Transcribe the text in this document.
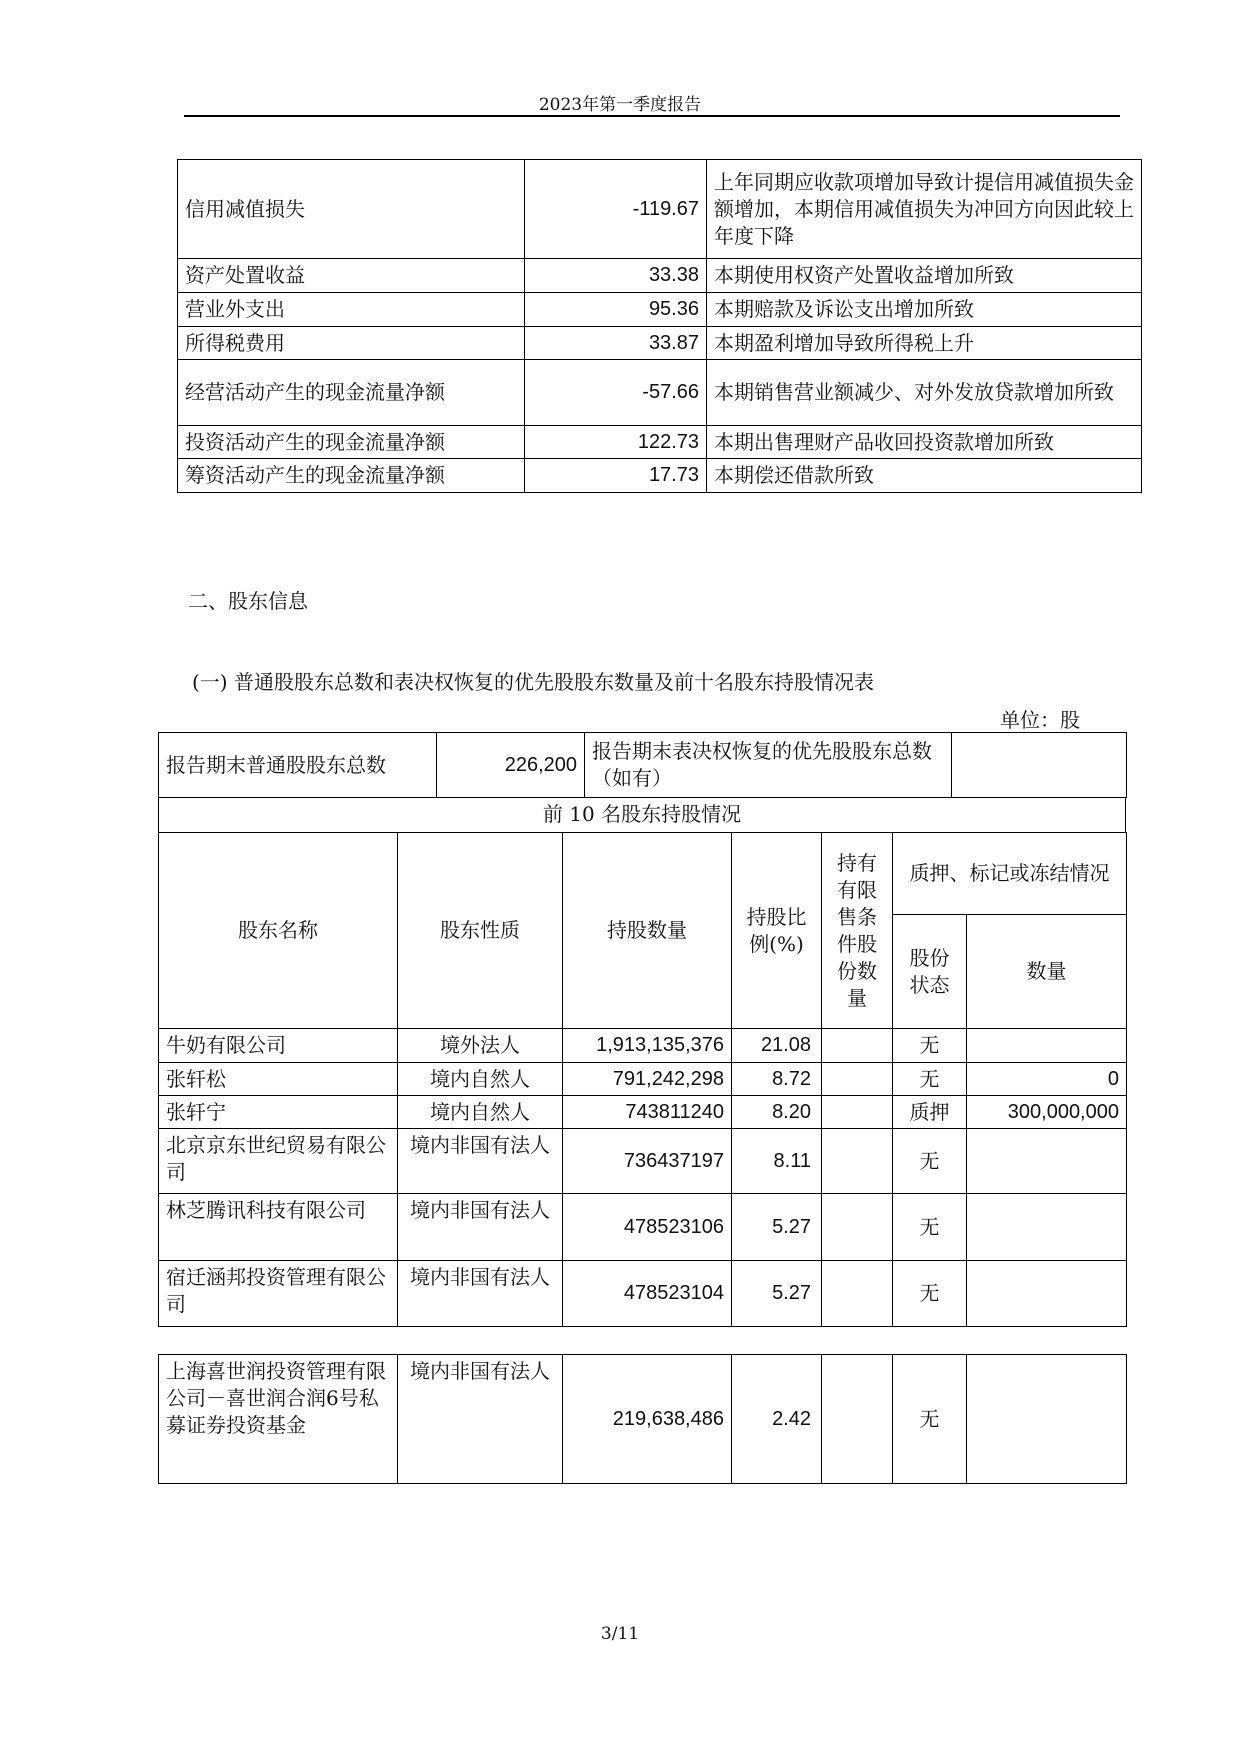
2023年第一季度报告
信用减值损失	-119.67	上年同期应收款项增加导致计提信用减值损失金额增加，本期信用减值损失为冲回方向因此较上年度下降
资产处置收益	33.38	本期使用权资产处置收益增加所致
营业外支出	95.36	本期赔款及诉讼支出增加所致
所得税费用	33.87	本期盈利增加导致所得税上升
经营活动产生的现金流量净额	-57.66	本期销售营业额减少、对外发放贷款增加所致
投资活动产生的现金流量净额	122.73	本期出售理财产品收回投资款增加所致
筹资活动产生的现金流量净额	17.73	本期偿还借款所致
二、股东信息
(一) 普通股股东总数和表决权恢复的优先股股东数量及前十名股东持股情况表
单位：股
报告期末普通股股东总数	226,200	报告期末表决权恢复的优先股股东总数（如有）	
前 10 名股东持股情况
股东名称	股东性质	持股数量	持股比例(%)	持有有限售条件股份数量	质押、标记或冻结情况	
					股份状态	数量
牛奶有限公司	境外法人	1,913,135,376	21.08		无	
张轩松	境内自然人	791,242,298	8.72		无	0
张轩宁	境内自然人	743811240	8.20		质押	300,000,000
北京京东世纪贸易有限公司	境内非国有法人	736437197	8.11		无	
林芝腾讯科技有限公司	境内非国有法人	478523106	5.27		无	
宿迁涵邦投资管理有限公司	境内非国有法人	478523104	5.27		无	
上海喜世润投资管理有限公司－喜世润合润6号私募证券投资基金	境内非国有法人	219,638,486	2.42		无	
3/11
